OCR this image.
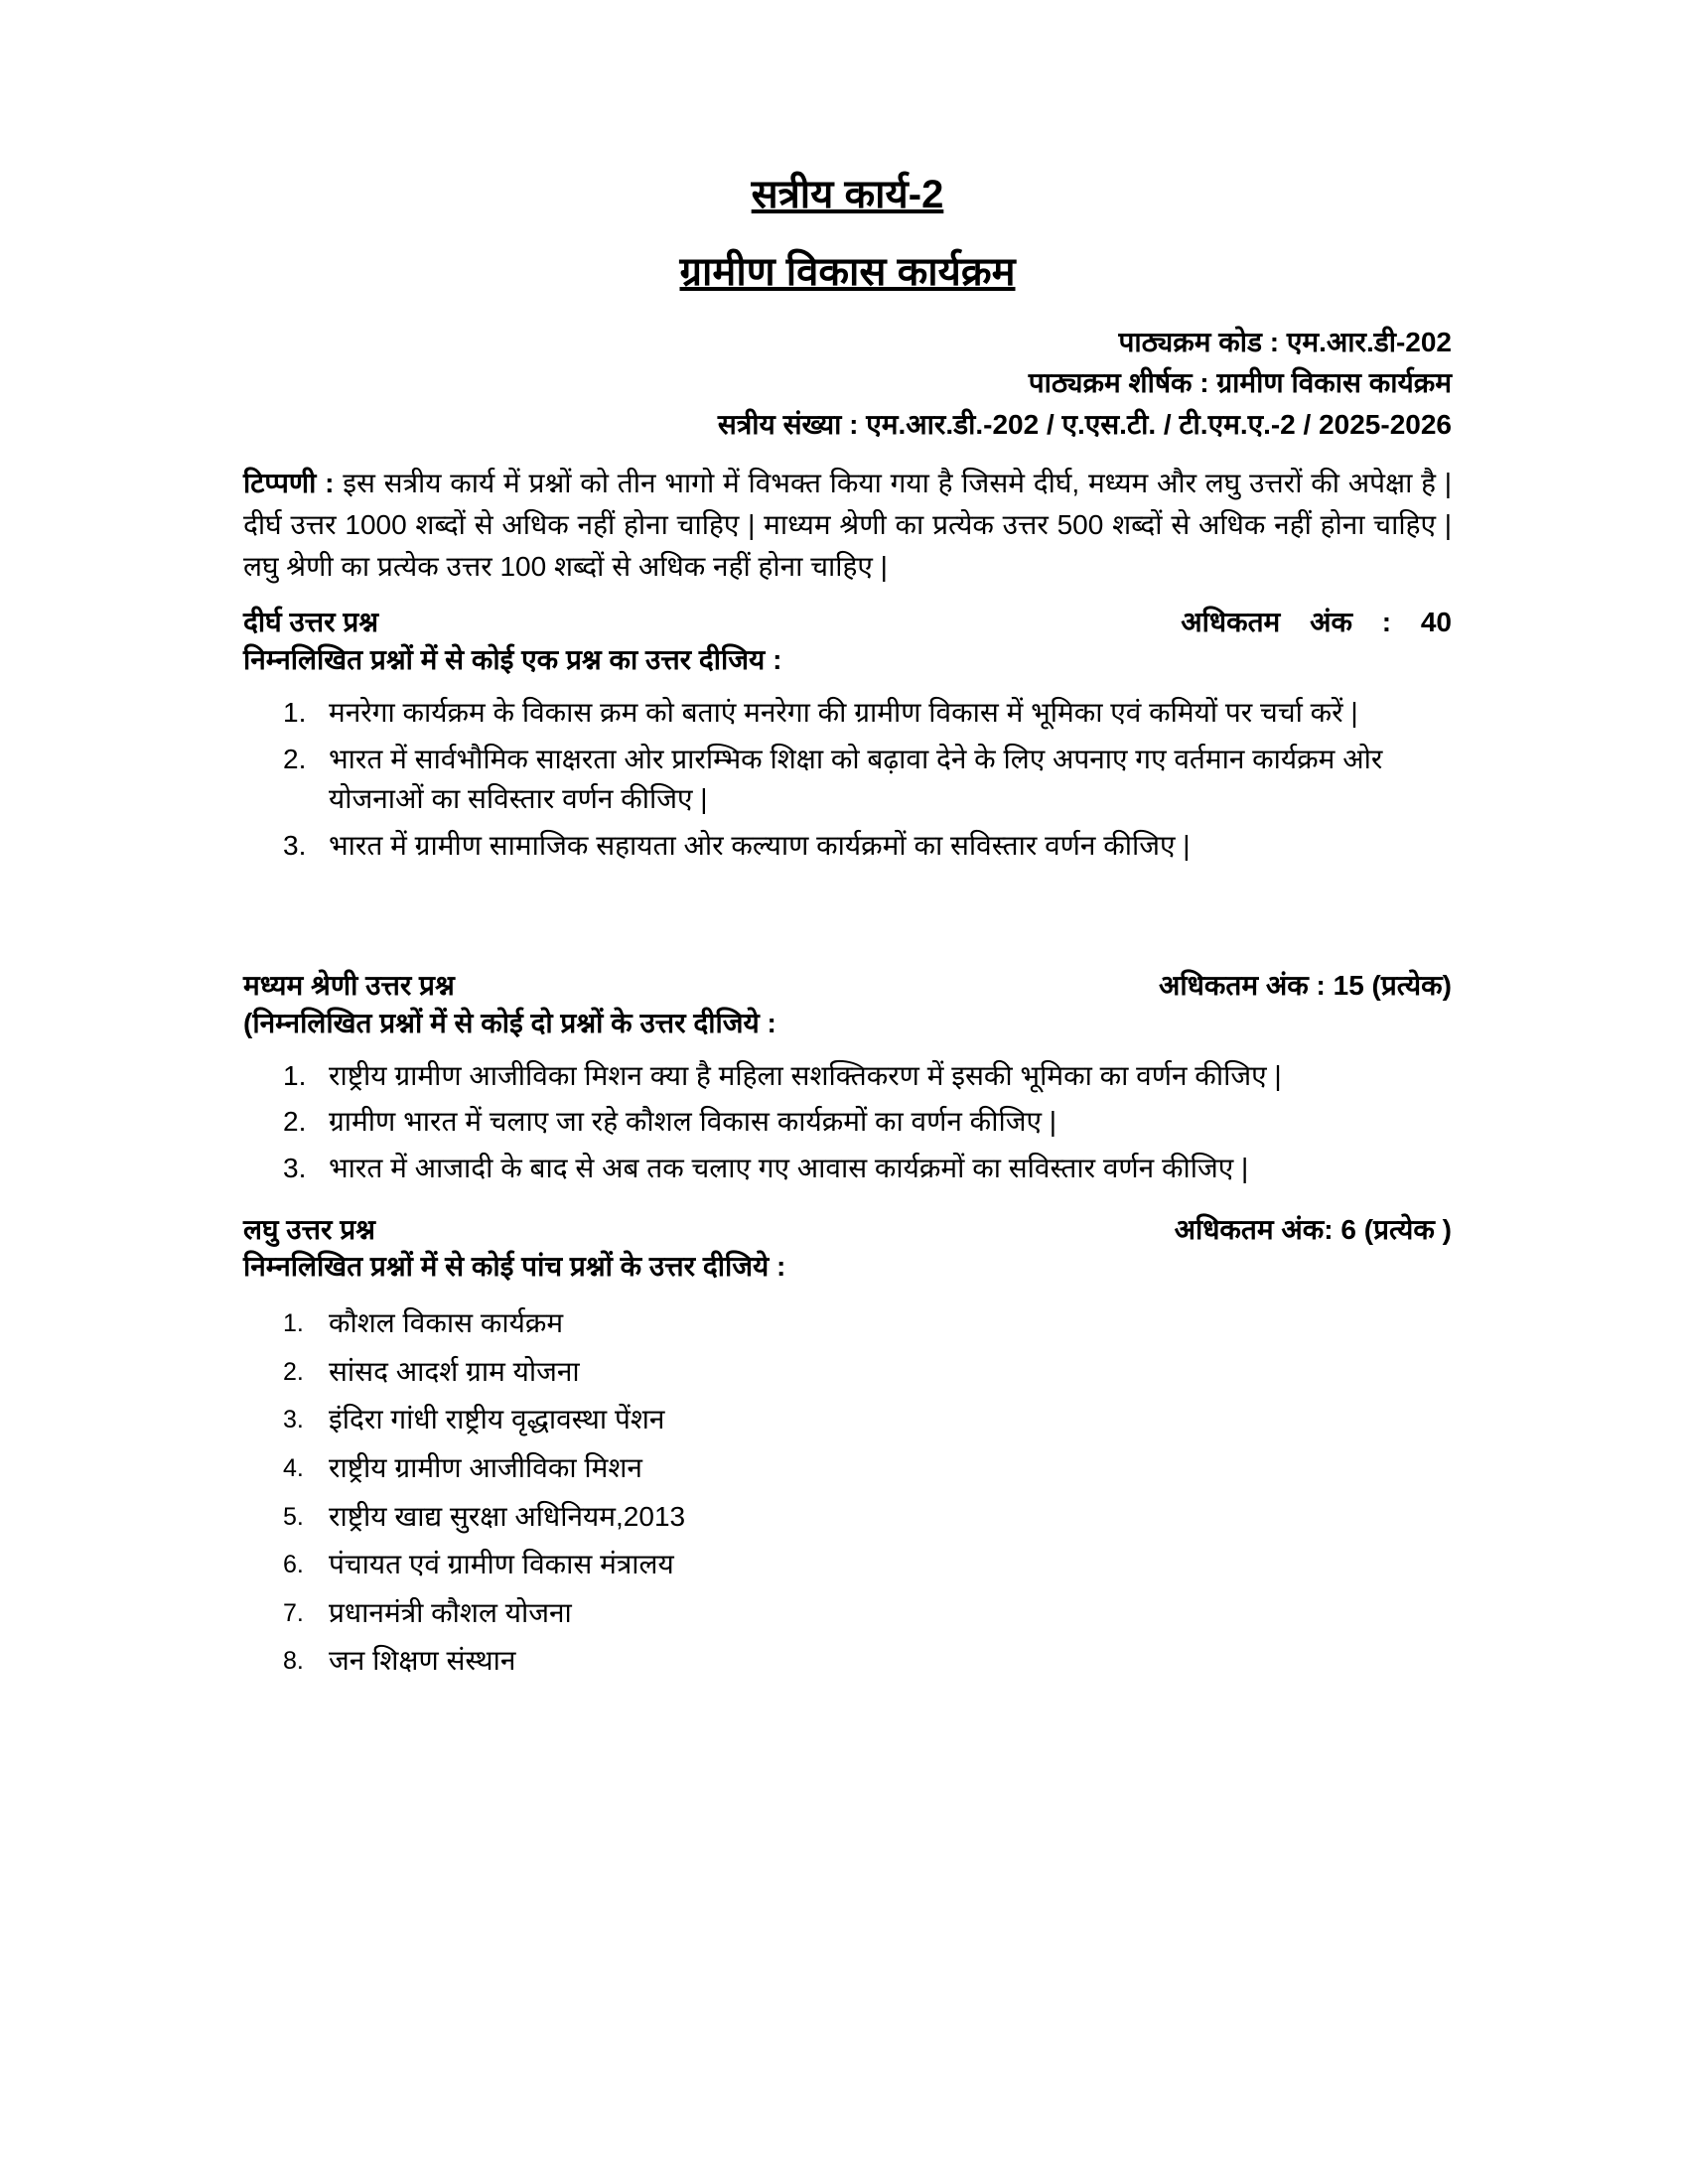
सत्रीय कार्य-2
ग्रामीण विकास कार्यक्रम
पाठ्यक्रम कोड : एम.आर.डी-202
पाठ्यक्रम शीर्षक : ग्रामीण विकास कार्यक्रम
सत्रीय संख्या : एम.आर.डी.-202 / ए.एस.टी. / टी.एम.ए.-2 / 2025-2026
टिप्पणी : इस सत्रीय कार्य में प्रश्नों को तीन भागो में विभक्त किया गया है जिसमे दीर्घ, मध्यम और लघु उत्तरों की अपेक्षा है | दीर्घ उत्तर 1000 शब्दों से अधिक नहीं होना चाहिए | माध्यम श्रेणी का प्रत्येक उत्तर 500 शब्दों से अधिक नहीं होना चाहिए | लघु श्रेणी का प्रत्येक उत्तर 100 शब्दों से अधिक नहीं होना चाहिए |
दीर्घ उत्तर प्रश्न	अधिकतम अंक : 40
निम्नलिखित प्रश्नों में से कोई एक प्रश्न का उत्तर दीजिय :
मनरेगा कार्यक्रम के विकास क्रम को बताएं मनरेगा की ग्रामीण विकास में भूमिका एवं कमियों पर चर्चा करें |
भारत में सार्वभौमिक साक्षरता ओर प्रारम्भिक शिक्षा को बढ़ावा देने के लिए अपनाए गए वर्तमान कार्यक्रम ओर योजनाओं का सविस्तार वर्णन कीजिए |
भारत में ग्रामीण सामाजिक सहायता ओर कल्याण कार्यक्रमों का सविस्तार वर्णन कीजिए |
मध्यम श्रेणी उत्तर प्रश्न	अधिकतम अंक : 15 (प्रत्येक)
(निम्नलिखित प्रश्नों में से कोई दो प्रश्नों के उत्तर दीजिये :
राष्ट्रीय ग्रामीण आजीविका मिशन क्या है महिला सशक्तिकरण में इसकी भूमिका का वर्णन कीजिए |
ग्रामीण भारत में चलाए जा रहे कौशल विकास कार्यक्रमों का वर्णन कीजिए |
भारत में आजादी के बाद से अब तक चलाए गए आवास कार्यक्रमों का सविस्तार वर्णन कीजिए |
लघु उत्तर प्रश्न	अधिकतम अंक: 6 (प्रत्येक )
निम्नलिखित प्रश्नों में से कोई पांच प्रश्नों के उत्तर दीजिये :
कौशल विकास कार्यक्रम
सांसद आदर्श ग्राम योजना
इंदिरा गांधी राष्ट्रीय वृद्धावस्था पेंशन
राष्ट्रीय ग्रामीण आजीविका मिशन
राष्ट्रीय खाद्य सुरक्षा अधिनियम,2013
पंचायत एवं ग्रामीण विकास मंत्रालय
प्रधानमंत्री कौशल योजना
जन शिक्षण संस्थान
